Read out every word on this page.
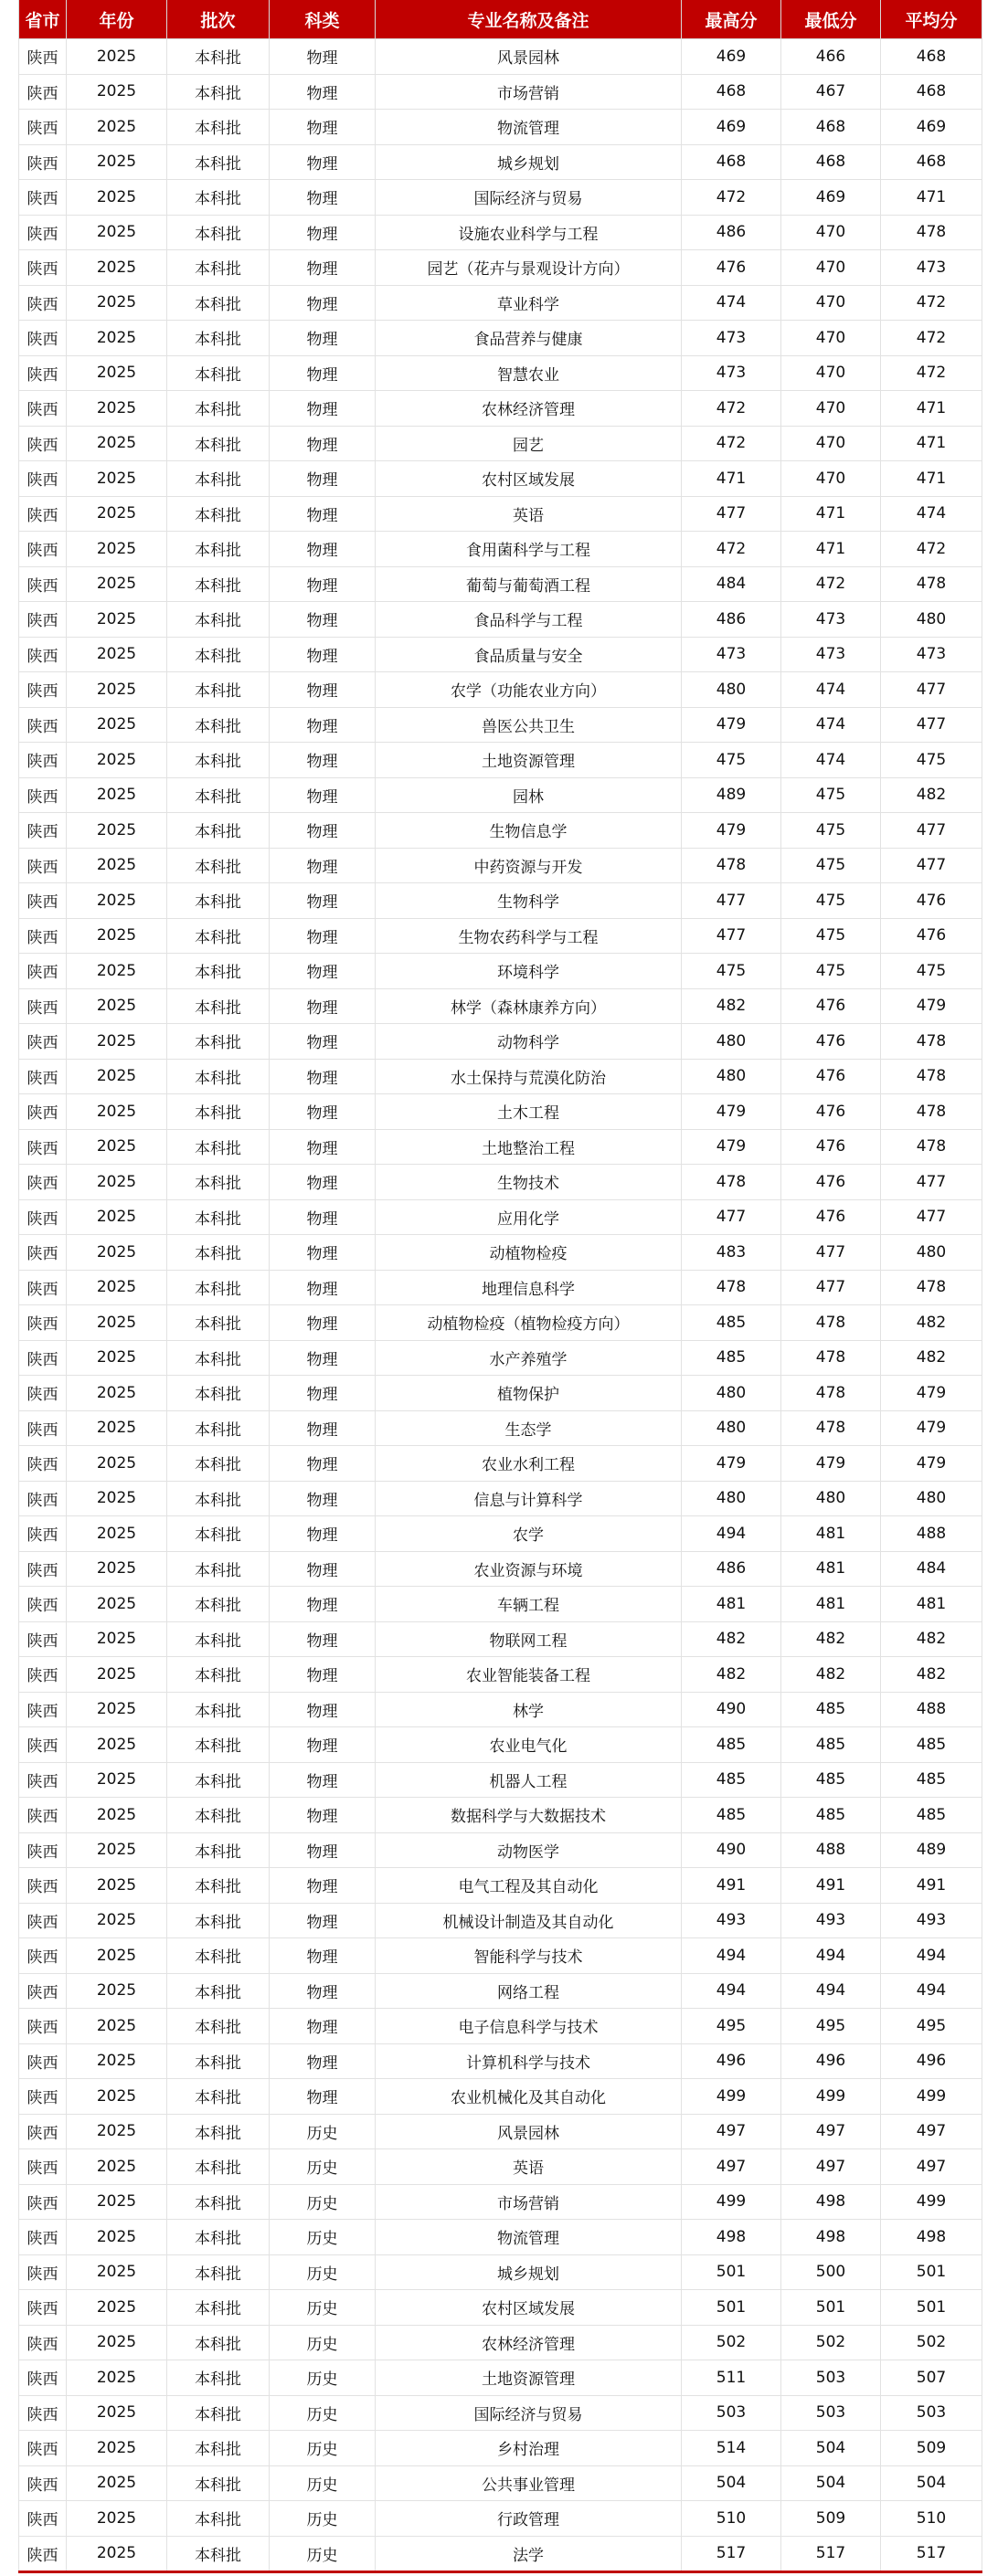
省市	年份	批次	科类	专业名称及备注	最高分	最低分	平均分
陕西	2025	本科批	物理	风景园林	469	466	468
陕西	2025	本科批	物理	市场营销	468	467	468
陕西	2025	本科批	物理	物流管理	469	468	469
陕西	2025	本科批	物理	城乡规划	468	468	468
陕西	2025	本科批	物理	国际经济与贸易	472	469	471
陕西	2025	本科批	物理	设施农业科学与工程	486	470	478
陕西	2025	本科批	物理	园艺（花卉与景观设计方向）	476	470	473
陕西	2025	本科批	物理	草业科学	474	470	472
陕西	2025	本科批	物理	食品营养与健康	473	470	472
陕西	2025	本科批	物理	智慧农业	473	470	472
陕西	2025	本科批	物理	农林经济管理	472	470	471
陕西	2025	本科批	物理	园艺	472	470	471
陕西	2025	本科批	物理	农村区域发展	471	470	471
陕西	2025	本科批	物理	英语	477	471	474
陕西	2025	本科批	物理	食用菌科学与工程	472	471	472
陕西	2025	本科批	物理	葡萄与葡萄酒工程	484	472	478
陕西	2025	本科批	物理	食品科学与工程	486	473	480
陕西	2025	本科批	物理	食品质量与安全	473	473	473
陕西	2025	本科批	物理	农学（功能农业方向）	480	474	477
陕西	2025	本科批	物理	兽医公共卫生	479	474	477
陕西	2025	本科批	物理	土地资源管理	475	474	475
陕西	2025	本科批	物理	园林	489	475	482
陕西	2025	本科批	物理	生物信息学	479	475	477
陕西	2025	本科批	物理	中药资源与开发	478	475	477
陕西	2025	本科批	物理	生物科学	477	475	476
陕西	2025	本科批	物理	生物农药科学与工程	477	475	476
陕西	2025	本科批	物理	环境科学	475	475	475
陕西	2025	本科批	物理	林学（森林康养方向）	482	476	479
陕西	2025	本科批	物理	动物科学	480	476	478
陕西	2025	本科批	物理	水土保持与荒漠化防治	480	476	478
陕西	2025	本科批	物理	土木工程	479	476	478
陕西	2025	本科批	物理	土地整治工程	479	476	478
陕西	2025	本科批	物理	生物技术	478	476	477
陕西	2025	本科批	物理	应用化学	477	476	477
陕西	2025	本科批	物理	动植物检疫	483	477	480
陕西	2025	本科批	物理	地理信息科学	478	477	478
陕西	2025	本科批	物理	动植物检疫（植物检疫方向）	485	478	482
陕西	2025	本科批	物理	水产养殖学	485	478	482
陕西	2025	本科批	物理	植物保护	480	478	479
陕西	2025	本科批	物理	生态学	480	478	479
陕西	2025	本科批	物理	农业水利工程	479	479	479
陕西	2025	本科批	物理	信息与计算科学	480	480	480
陕西	2025	本科批	物理	农学	494	481	488
陕西	2025	本科批	物理	农业资源与环境	486	481	484
陕西	2025	本科批	物理	车辆工程	481	481	481
陕西	2025	本科批	物理	物联网工程	482	482	482
陕西	2025	本科批	物理	农业智能装备工程	482	482	482
陕西	2025	本科批	物理	林学	490	485	488
陕西	2025	本科批	物理	农业电气化	485	485	485
陕西	2025	本科批	物理	机器人工程	485	485	485
陕西	2025	本科批	物理	数据科学与大数据技术	485	485	485
陕西	2025	本科批	物理	动物医学	490	488	489
陕西	2025	本科批	物理	电气工程及其自动化	491	491	491
陕西	2025	本科批	物理	机械设计制造及其自动化	493	493	493
陕西	2025	本科批	物理	智能科学与技术	494	494	494
陕西	2025	本科批	物理	网络工程	494	494	494
陕西	2025	本科批	物理	电子信息科学与技术	495	495	495
陕西	2025	本科批	物理	计算机科学与技术	496	496	496
陕西	2025	本科批	物理	农业机械化及其自动化	499	499	499
陕西	2025	本科批	历史	风景园林	497	497	497
陕西	2025	本科批	历史	英语	497	497	497
陕西	2025	本科批	历史	市场营销	499	498	499
陕西	2025	本科批	历史	物流管理	498	498	498
陕西	2025	本科批	历史	城乡规划	501	500	501
陕西	2025	本科批	历史	农村区域发展	501	501	501
陕西	2025	本科批	历史	农林经济管理	502	502	502
陕西	2025	本科批	历史	土地资源管理	511	503	507
陕西	2025	本科批	历史	国际经济与贸易	503	503	503
陕西	2025	本科批	历史	乡村治理	514	504	509
陕西	2025	本科批	历史	公共事业管理	504	504	504
陕西	2025	本科批	历史	行政管理	510	509	510
陕西	2025	本科批	历史	法学	517	517	517
